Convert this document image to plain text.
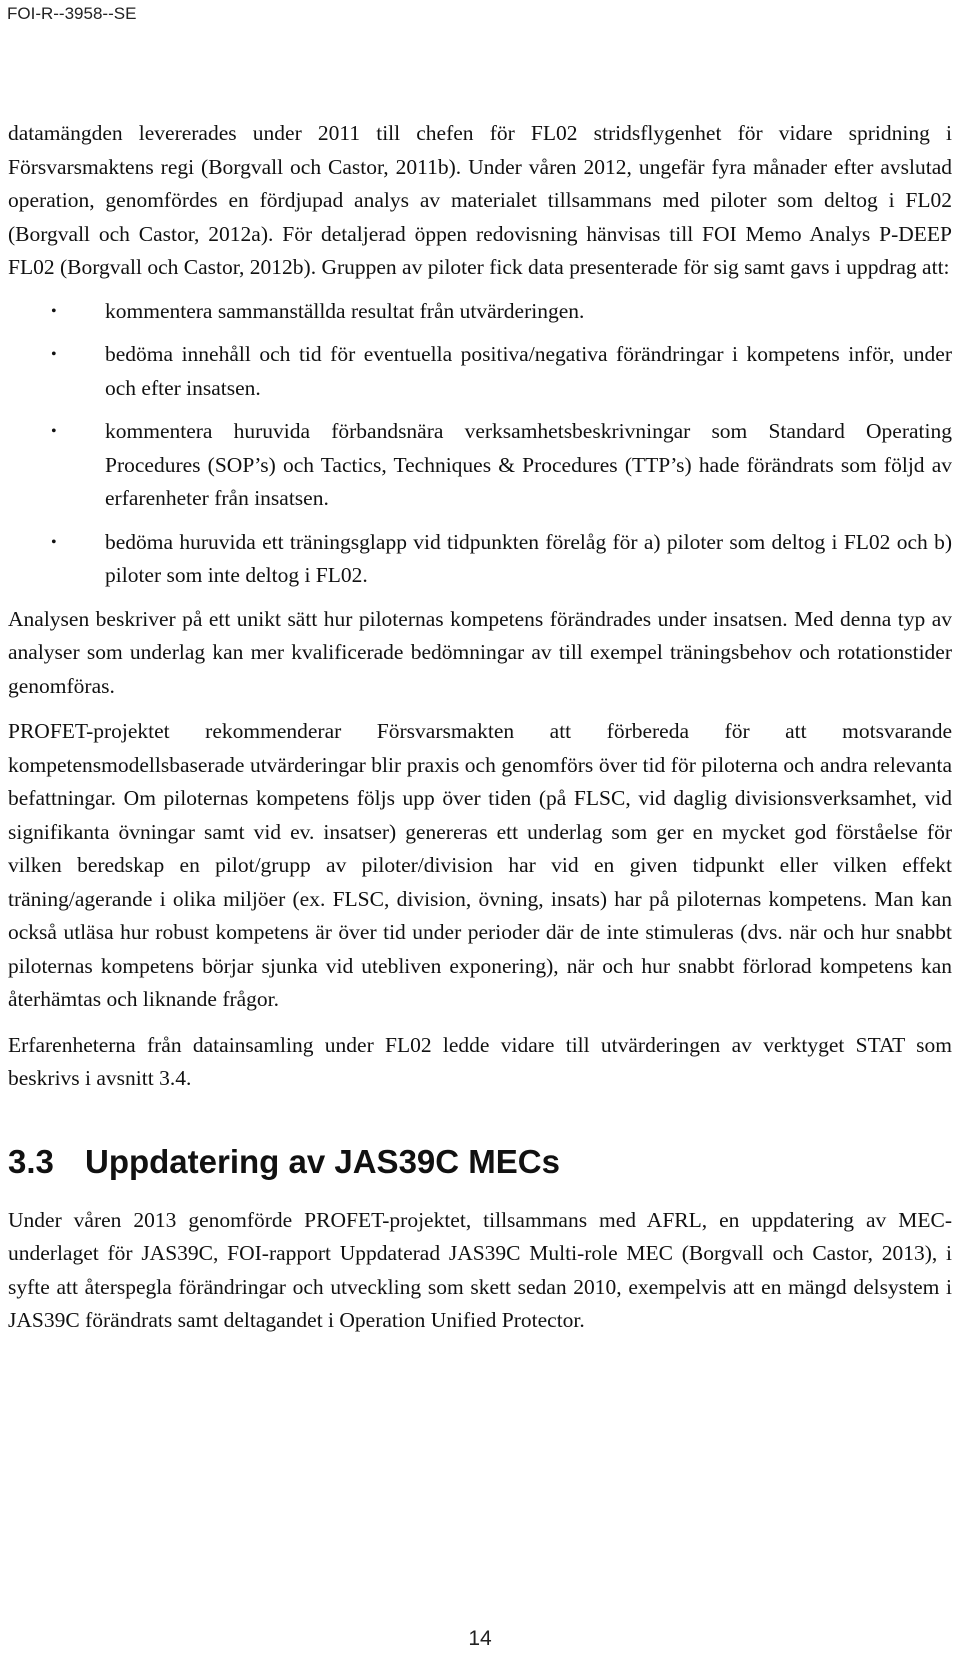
FOI-R--3958--SE

datamängden levererades under 2011 till chefen för FL02 stridsflygenhet för vidare spridning i Försvarsmaktens regi (Borgvall och Castor, 2011b). Under våren 2012, ungefär fyra månader efter avslutad operation, genomfördes en fördjupad analys av materialet tillsammans med piloter som deltog i FL02 (Borgvall och Castor, 2012a). För detaljerad öppen redovisning hänvisas till FOI Memo Analys P-DEEP FL02 (Borgvall och Castor, 2012b). Gruppen av piloter fick data presenterade för sig samt gavs i uppdrag att:

• kommentera sammanställda resultat från utvärderingen.
• bedöma innehåll och tid för eventuella positiva/negativa förändringar i kompetens inför, under och efter insatsen.
• kommentera huruvida förbandsnära verksamhetsbeskrivningar som Standard Operating Procedures (SOP’s) och Tactics, Techniques & Procedures (TTP’s) hade förändrats som följd av erfarenheter från insatsen.
• bedöma huruvida ett träningsglapp vid tidpunkten förelåg för a) piloter som deltog i FL02 och b) piloter som inte deltog i FL02.

Analysen beskriver på ett unikt sätt hur piloternas kompetens förändrades under insatsen. Med denna typ av analyser som underlag kan mer kvalificerade bedömningar av till exempel träningsbehov och rotationstider genomföras.

PROFET-projektet rekommenderar Försvarsmakten att förbereda för att motsvarande kompetensmodellsbaserade utvärderingar blir praxis och genomförs över tid för piloterna och andra relevanta befattningar. Om piloternas kompetens följs upp över tiden (på FLSC, vid daglig divisionsverksamhet, vid signifikanta övningar samt vid ev. insatser) genereras ett underlag som ger en mycket god förståelse för vilken beredskap en pilot/grupp av piloter/division har vid en given tidpunkt eller vilken effekt träning/agerande i olika miljöer (ex. FLSC, division, övning, insats) har på piloternas kompetens. Man kan också utläsa hur robust kompetens är över tid under perioder där de inte stimuleras (dvs. när och hur snabbt piloternas kompetens börjar sjunka vid utebliven exponering), när och hur snabbt förlorad kompetens kan återhämtas och liknande frågor.

Erfarenheterna från datainsamling under FL02 ledde vidare till utvärderingen av verktyget STAT som beskrivs i avsnitt 3.4.

3.3 Uppdatering av JAS39C MECs

Under våren 2013 genomförde PROFET-projektet, tillsammans med AFRL, en uppdatering av MEC-underlaget för JAS39C, FOI-rapport Uppdaterad JAS39C Multi-role MEC (Borgvall och Castor, 2013), i syfte att återspegla förändringar och utveckling som skett sedan 2010, exempelvis att en mängd delsystem i JAS39C förändrats samt deltagandet i Operation Unified Protector.

14
